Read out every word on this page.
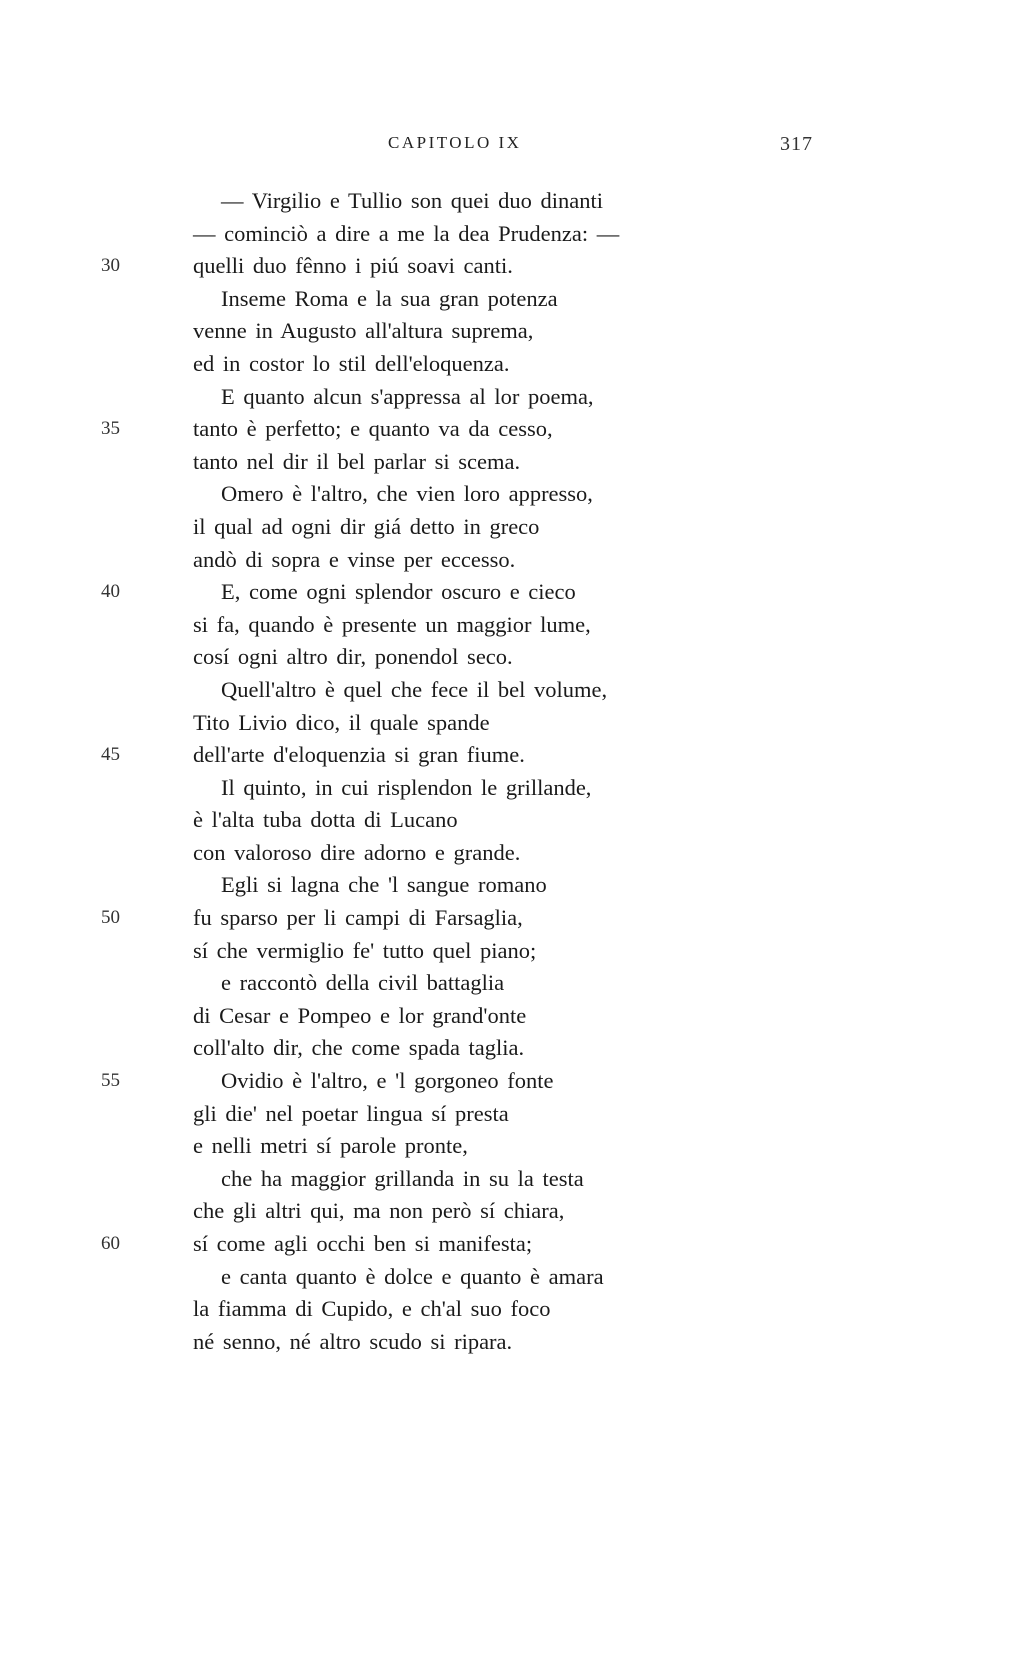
CAPITOLO IX	317
— Virgilio e Tullio son quei duo dinanti
— cominciò a dire a me la dea Prudenza: —
30	quelli duo fênno i piú soavi canti.
Inseme Roma e la sua gran potenza
venne in Augusto all'altura suprema,
ed in costor lo stil dell'eloquenza.
E quanto alcun s'appressa al lor poema,
35	tanto è perfetto; e quanto va da cesso,
tanto nel dir il bel parlar si scema.
Omero è l'altro, che vien loro appresso,
il qual ad ogni dir giá detto in greco
andò di sopra e vinse per eccesso.
40	E, come ogni splendor oscuro e cieco
si fa, quando è presente un maggior lume,
cosí ogni altro dir, ponendol seco.
Quell'altro è quel che fece il bel volume,
Tito Livio dico, il quale spande
45	dell'arte d'eloquenzia si gran fiume.
Il quinto, in cui risplendon le grillande,
è l'alta tuba dotta di Lucano
con valoroso dire adorno e grande.
Egli si lagna che 'l sangue romano
50	fu sparso per li campi di Farsaglia,
sí che vermiglio fe' tutto quel piano;
e raccontò della civil battaglia
di Cesar e Pompeo e lor grand'onte
coll'alto dir, che come spada taglia.
55	Ovidio è l'altro, e 'l gorgoneo fonte
gli die' nel poetar lingua sí presta
e nelli metri sí parole pronte,
che ha maggior grillanda in su la testa
che gli altri qui, ma non però sí chiara,
60	sí come agli occhi ben si manifesta;
e canta quanto è dolce e quanto è amara
la fiamma di Cupido, e ch'al suo foco
né senno, né altro scudo si ripara.
